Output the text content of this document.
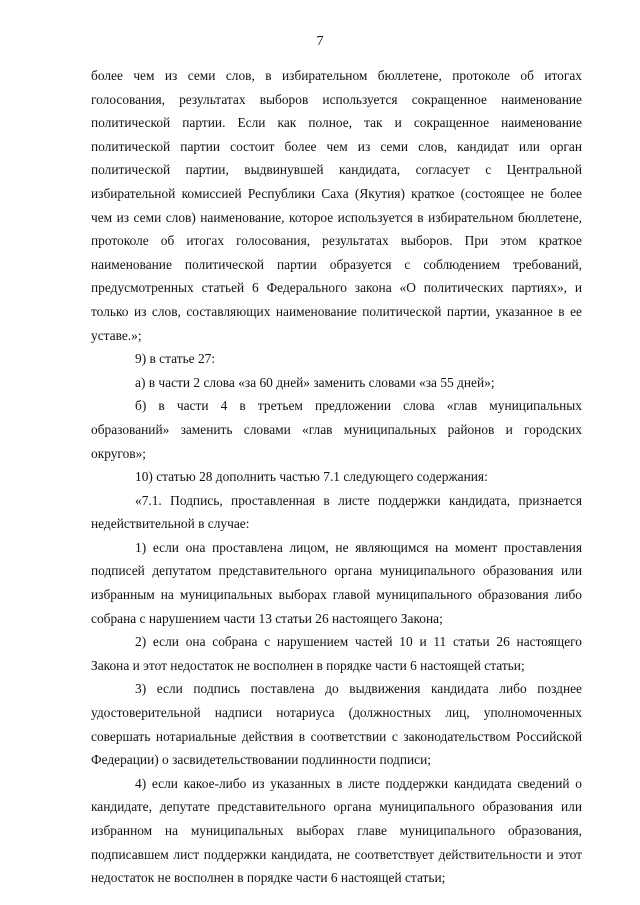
7

более чем из семи слов, в избирательном бюллетене, протоколе об итогах голосования, результатах выборов используется сокращенное наименование политической партии. Если как полное, так и сокращенное наименование политической партии состоит более чем из семи слов, кандидат или орган политической партии, выдвинувшей кандидата, согласует с Центральной избирательной комиссией Республики Саха (Якутия) краткое (состоящее не более чем из семи слов) наименование, которое используется в избирательном бюллетене, протоколе об итогах голосования, результатах выборов. При этом краткое наименование политической партии образуется с соблюдением требований, предусмотренных статьей 6 Федерального закона «О политических партиях», и только из слов, составляющих наименование политической партии, указанное в ее уставе.»;

9) в статье 27:

а) в части 2 слова «за 60 дней» заменить словами «за 55 дней»;

б) в части 4 в третьем предложении слова «глав муниципальных образований» заменить словами «глав муниципальных районов и городских округов»;

10) статью 28 дополнить частью 7.1 следующего содержания:

«7.1. Подпись, проставленная в листе поддержки кандидата, признается недействительной в случае:

1) если она проставлена лицом, не являющимся на момент проставления подписей депутатом представительного органа муниципального образования или избранным на муниципальных выборах главой муниципального образования либо собрана с нарушением части 13 статьи 26 настоящего Закона;

2) если она собрана с нарушением частей 10 и 11 статьи 26 настоящего Закона и этот недостаток не восполнен в порядке части 6 настоящей статьи;

3) если подпись поставлена до выдвижения кандидата либо позднее удостоверительной надписи нотариуса (должностных лиц, уполномоченных совершать нотариальные действия в соответствии с законодательством Российской Федерации) о засвидетельствовании подлинности подписи;

4) если какое-либо из указанных в листе поддержки кандидата сведений о кандидате, депутате представительного органа муниципального образования или избранном на муниципальных выборах главе муниципального образования, подписавшем лист поддержки кандидата, не соответствует действительности и этот недостаток не восполнен в порядке части 6 настоящей статьи;
